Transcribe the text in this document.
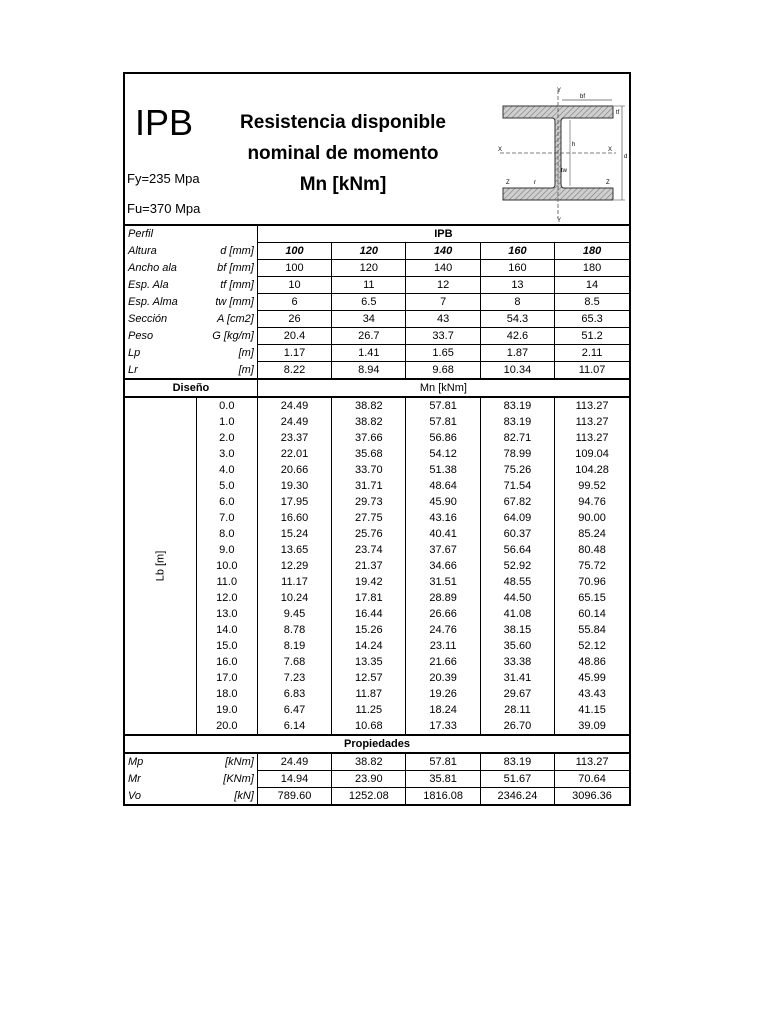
IPB	Resistencia disponible
nominal de momento
Mn [kNm]
Fy=235 Mpa
Fu=370 Mpa
Y
Y
X	X
bf
tf
d
h
tw
r
Z	Z
Perfil		IPB				
Altura	d [mm]	100	120	140	160	180
Ancho ala	bf [mm]	100	120	140	160	180
Esp. Ala	tf [mm]	10	11	12	13	14
Esp. Alma	tw [mm]	6	6.5	7	8	8.5
Sección	A [cm2]	26	34	43	54.3	65.3
Peso	G [kg/m]	20.4	26.7	33.7	42.6	51.2
Lp	[m]	1.17	1.41	1.65	1.87	2.11
Lr	[m]	8.22	8.94	9.68	10.34	11.07
Diseño		Mn [kNm]				
Lb [m]	0.0	24.49	38.82	57.81	83.19	113.27
	1.0	24.49	38.82	57.81	83.19	113.27
	2.0	23.37	37.66	56.86	82.71	113.27
	3.0	22.01	35.68	54.12	78.99	109.04
	4.0	20.66	33.70	51.38	75.26	104.28
	5.0	19.30	31.71	48.64	71.54	99.52
	6.0	17.95	29.73	45.90	67.82	94.76
	7.0	16.60	27.75	43.16	64.09	90.00
	8.0	15.24	25.76	40.41	60.37	85.24
	9.0	13.65	23.74	37.67	56.64	80.48
	10.0	12.29	21.37	34.66	52.92	75.72
	11.0	11.17	19.42	31.51	48.55	70.96
	12.0	10.24	17.81	28.89	44.50	65.15
	13.0	9.45	16.44	26.66	41.08	60.14
	14.0	8.78	15.26	24.76	38.15	55.84
	15.0	8.19	14.24	23.11	35.60	52.12
	16.0	7.68	13.35	21.66	33.38	48.86
	17.0	7.23	12.57	20.39	31.41	45.99
	18.0	6.83	11.87	19.26	29.67	43.43
	19.0	6.47	11.25	18.24	28.11	41.15
	20.0	6.14	10.68	17.33	26.70	39.09
Propiedades						
Mp	[kNm]	24.49	38.82	57.81	83.19	113.27
Mr	[KNm]	14.94	23.90	35.81	51.67	70.64
Vo	[kN]	789.60	1252.08	1816.08	2346.24	3096.36
